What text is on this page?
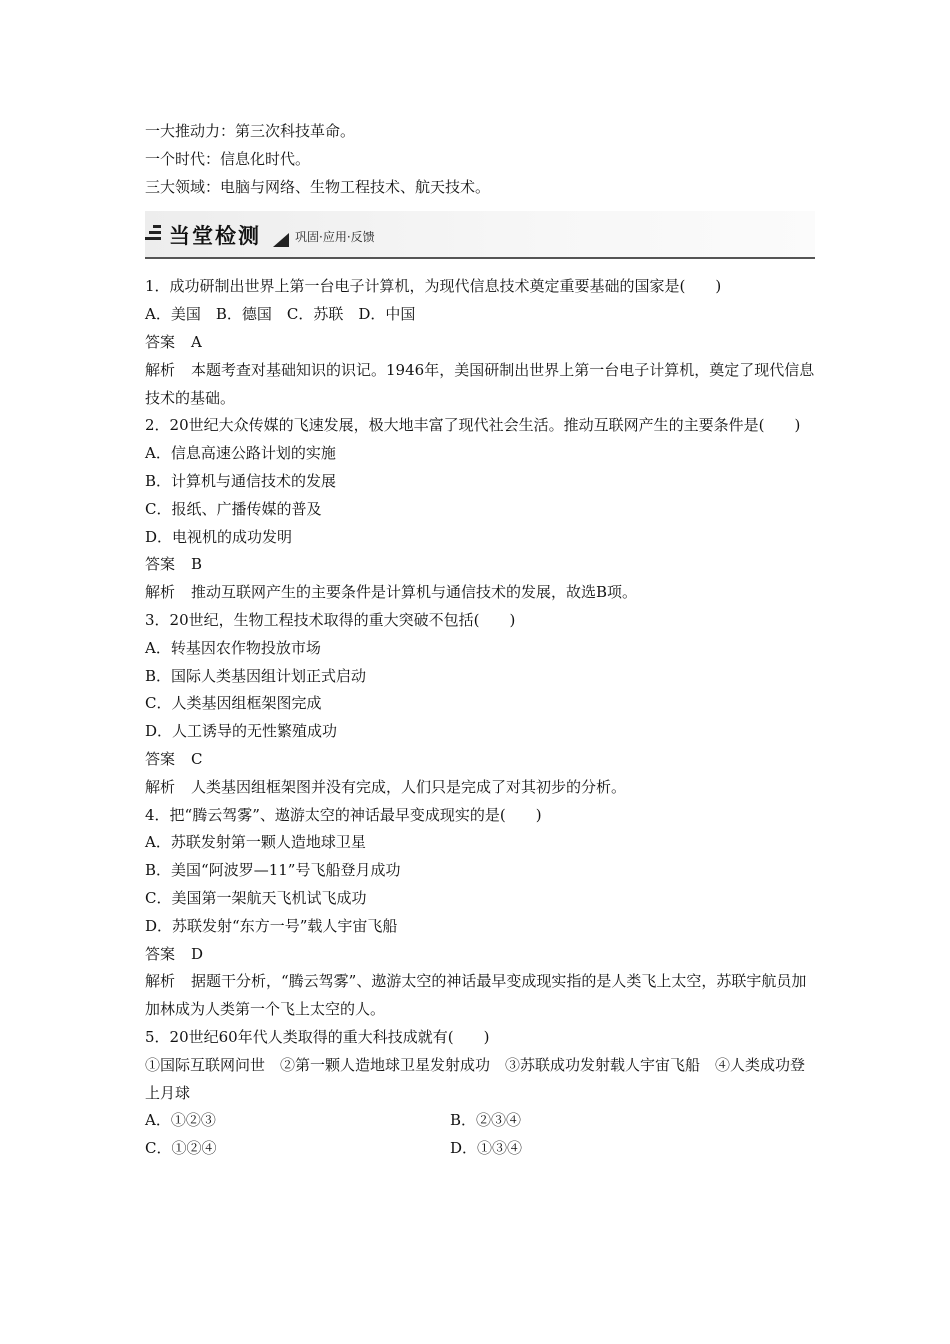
一大推动力：第三次科技革命。
一个时代：信息化时代。
三大领域：电脑与网络、生物工程技术、航天技术。
当堂检测	巩固·应用·反馈
1．成功研制出世界上第一台电子计算机，为现代信息技术奠定重要基础的国家是(　　)
A．美国　B．德国　C．苏联　D．中国
答案 A
解析 本题考查对基础知识的识记。1946年，美国研制出世界上第一台电子计算机，奠定了现代信息技术的基础。
2．20世纪大众传媒的飞速发展，极大地丰富了现代社会生活。推动互联网产生的主要条件是(　　)
A．信息高速公路计划的实施
B．计算机与通信技术的发展
C．报纸、广播传媒的普及
D．电视机的成功发明
答案 B
解析 推动互联网产生的主要条件是计算机与通信技术的发展，故选B项。
3．20世纪，生物工程技术取得的重大突破不包括(　　)
A．转基因农作物投放市场
B．国际人类基因组计划正式启动
C．人类基因组框架图完成
D．人工诱导的无性繁殖成功
答案 C
解析 人类基因组框架图并没有完成，人们只是完成了对其初步的分析。
4．把“腾云驾雾”、遨游太空的神话最早变成现实的是(　　)
A．苏联发射第一颗人造地球卫星
B．美国“阿波罗—11”号飞船登月成功
C．美国第一架航天飞机试飞成功
D．苏联发射“东方一号”载人宇宙飞船
答案 D
解析 据题干分析，“腾云驾雾”、遨游太空的神话最早变成现实指的是人类飞上太空，苏联宇航员加加林成为人类第一个飞上太空的人。
5．20世纪60年代人类取得的重大科技成就有(　　)
①国际互联网问世　②第一颗人造地球卫星发射成功　③苏联成功发射载人宇宙飞船　④人类成功登上月球
A．①②③	B．②③④
C．①②④	D．①③④
